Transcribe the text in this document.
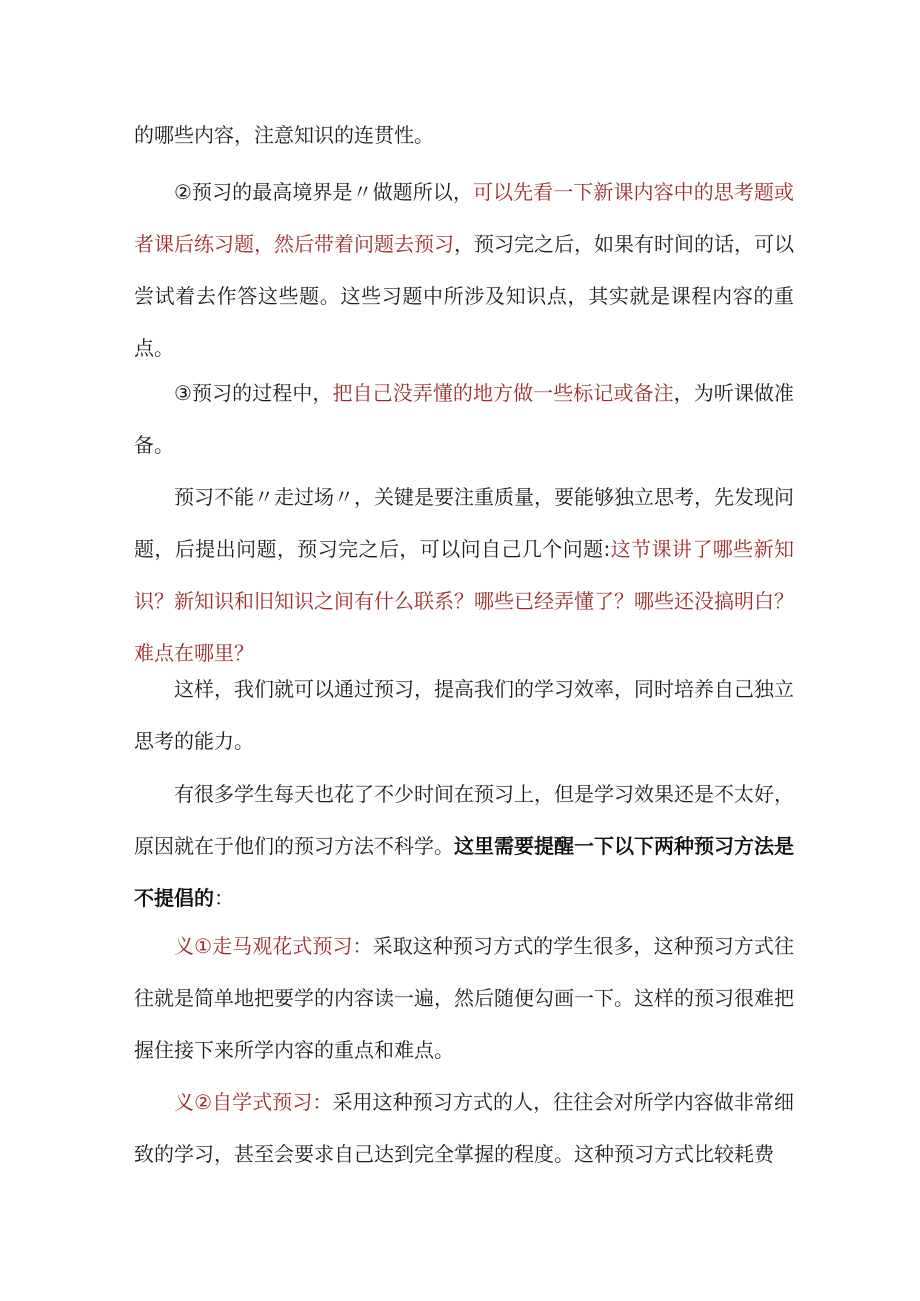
的哪些内容，注意知识的连贯性。

②预习的最高境界是〃做题所以，可以先看一下新课内容中的思考题或者课后练习题，然后带着问题去预习，预习完之后，如果有时间的话，可以尝试着去作答这些题。这些习题中所涉及知识点，其实就是课程内容的重点。

③预习的过程中，把自己没弄懂的地方做一些标记或备注，为听课做准备。

预习不能〃走过场〃，关键是要注重质量，要能够独立思考，先发现问题，后提出问题，预习完之后，可以问自己几个问题:这节课讲了哪些新知识？新知识和旧知识之间有什么联系？哪些已经弄懂了？哪些还没搞明白？难点在哪里？

这样，我们就可以通过预习，提高我们的学习效率，同时培养自己独立思考的能力。

有很多学生每天也花了不少时间在预习上，但是学习效果还是不太好，原因就在于他们的预习方法不科学。这里需要提醒一下以下两种预习方法是不提倡的：

义①走马观花式预习：采取这种预习方式的学生很多，这种预习方式往往就是简单地把要学的内容读一遍，然后随便勾画一下。这样的预习很难把握住接下来所学内容的重点和难点。

义②自学式预习：采用这种预习方式的人，往往会对所学内容做非常细致的学习，甚至会要求自己达到完全掌握的程度。这种预习方式比较耗费
